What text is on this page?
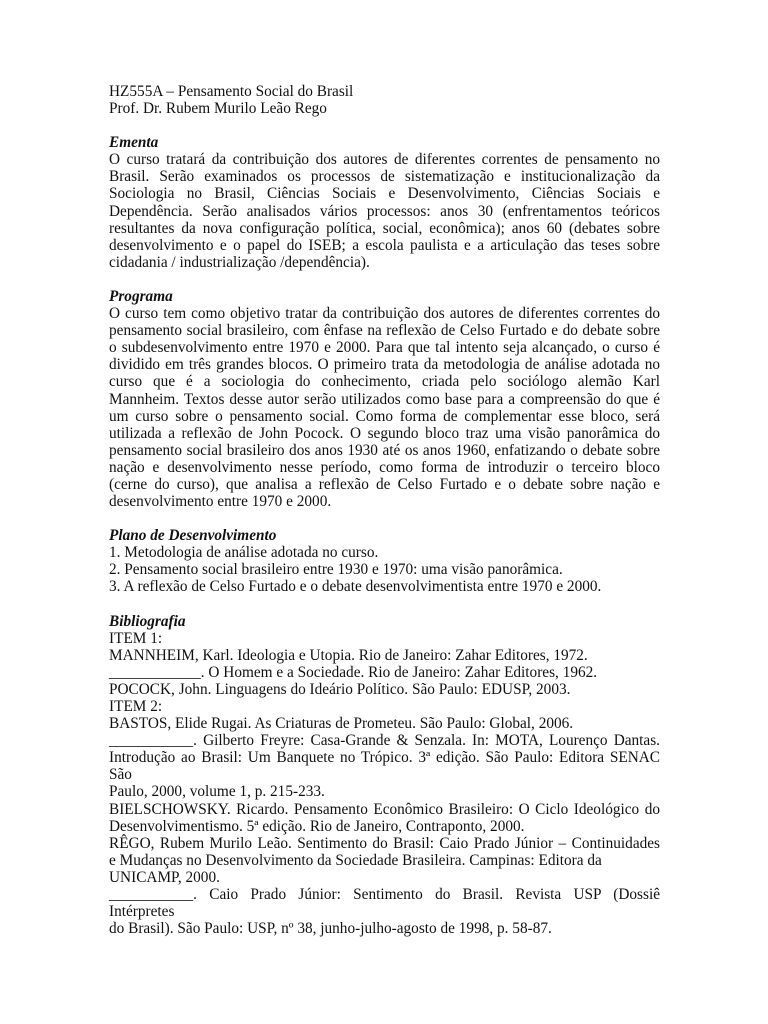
HZ555A – Pensamento Social do Brasil
Prof. Dr. Rubem Murilo Leão Rego
Ementa
O curso tratará da contribuição dos autores de diferentes correntes de pensamento no
Brasil. Serão examinados os processos de sistematização e institucionalização da
Sociologia no Brasil, Ciências Sociais e Desenvolvimento, Ciências Sociais e
Dependência. Serão analisados vários processos: anos 30 (enfrentamentos teóricos
resultantes da nova configuração política, social, econômica); anos 60 (debates sobre
desenvolvimento e o papel do ISEB; a escola paulista e a articulação das teses sobre
cidadania / industrialização /dependência).
Programa
O curso tem como objetivo tratar da contribuição dos autores de diferentes correntes do
pensamento social brasileiro, com ênfase na reflexão de Celso Furtado e do debate sobre
o subdesenvolvimento entre 1970 e 2000. Para que tal intento seja alcançado, o curso é
dividido em três grandes blocos. O primeiro trata da metodologia de análise adotada no
curso que é a sociologia do conhecimento, criada pelo sociólogo alemão Karl
Mannheim. Textos desse autor serão utilizados como base para a compreensão do que é
um curso sobre o pensamento social. Como forma de complementar esse bloco, será
utilizada a reflexão de John Pocock. O segundo bloco traz uma visão panorâmica do
pensamento social brasileiro dos anos 1930 até os anos 1960, enfatizando o debate sobre
nação e desenvolvimento nesse período, como forma de introduzir o terceiro bloco
(cerne do curso), que analisa a reflexão de Celso Furtado e o debate sobre nação e
desenvolvimento entre 1970 e 2000.
Plano de Desenvolvimento
1. Metodologia de análise adotada no curso.
2. Pensamento social brasileiro entre 1930 e 1970: uma visão panorâmica.
3. A reflexão de Celso Furtado e o debate desenvolvimentista entre 1970 e 2000.
Bibliografia
ITEM 1:
MANNHEIM, Karl. Ideologia e Utopia. Rio de Janeiro: Zahar Editores, 1972.
____________. O Homem e a Sociedade. Rio de Janeiro: Zahar Editores, 1962.
POCOCK, John. Linguagens do Ideário Político. São Paulo: EDUSP, 2003.
ITEM 2:
BASTOS, Elide Rugai. As Criaturas de Prometeu. São Paulo: Global, 2006.
___________. Gilberto Freyre: Casa-Grande & Senzala. In: MOTA, Lourenço Dantas.
Introdução ao Brasil: Um Banquete no Trópico. 3ª edição. São Paulo: Editora SENAC
São
Paulo, 2000, volume 1, p. 215-233.
BIELSCHOWSKY. Ricardo. Pensamento Econômico Brasileiro: O Ciclo Ideológico do
Desenvolvimentismo. 5ª edição. Rio de Janeiro, Contraponto, 2000.
RÊGO, Rubem Murilo Leão. Sentimento do Brasil: Caio Prado Júnior – Continuidades
e Mudanças no Desenvolvimento da Sociedade Brasileira. Campinas: Editora da
UNICAMP, 2000.
___________. Caio Prado Júnior: Sentimento do Brasil. Revista USP (Dossiê
Intérpretes
do Brasil). São Paulo: USP, nº 38, junho-julho-agosto de 1998, p. 58-87.
